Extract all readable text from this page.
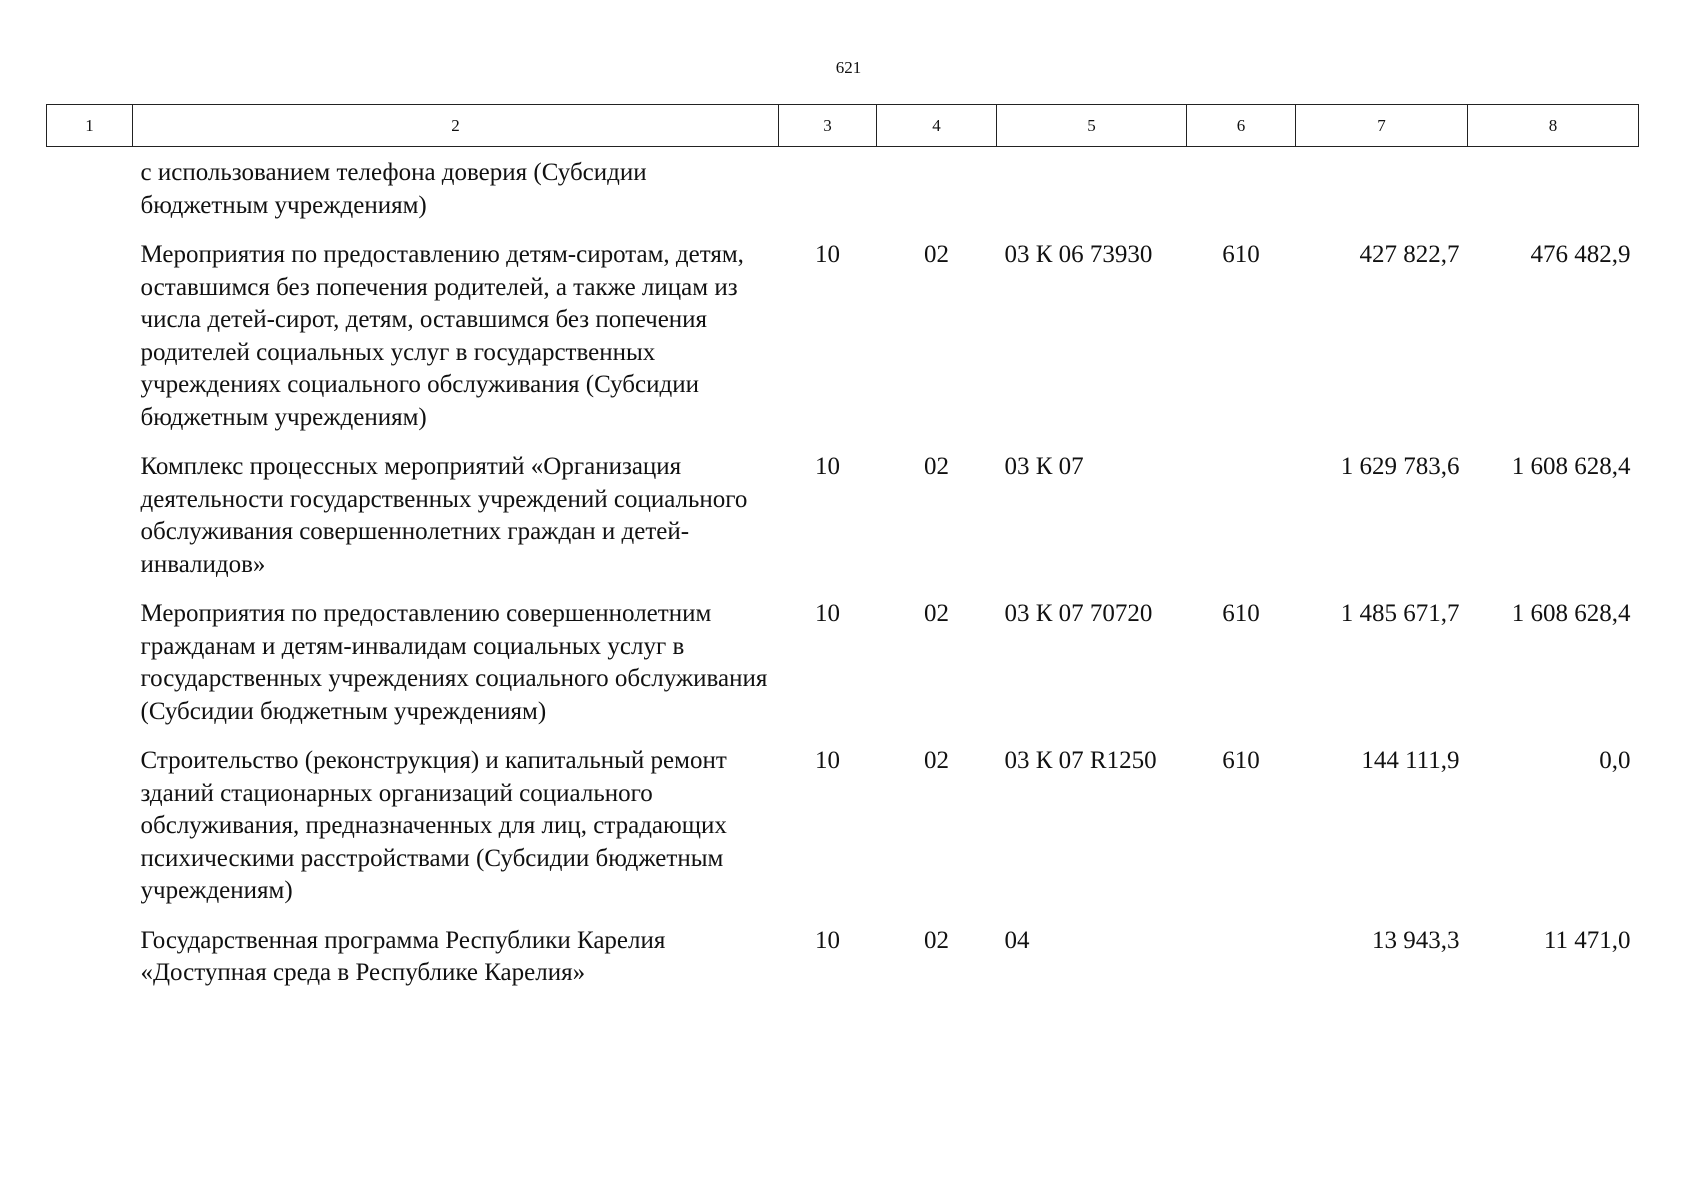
621
1	2	3	4	5	6	7	8
	с использованием телефона доверия (Субсидии бюджетным учреждениям)						
	Мероприятия по предоставлению детям-сиротам, детям, оставшимся без попечения родителей, а также лицам из числа детей-сирот, детям, оставшимся без попечения родителей социальных услуг в государственных учреждениях социального обслуживания (Субсидии бюджетным учреждениям)	10	02	03 К 06 73930	610	427 822,7	476 482,9
	Комплекс процессных мероприятий «Организация деятельности государственных учреждений социального обслуживания совершеннолетних граждан и детей-инвалидов»	10	02	03 К 07		1 629 783,6	1 608 628,4
	Мероприятия по предоставлению совершеннолетним гражданам и детям-инвалидам социальных услуг в государственных учреждениях социального обслуживания (Субсидии бюджетным учреждениям)	10	02	03 К 07 70720	610	1 485 671,7	1 608 628,4
	Строительство (реконструкция) и капитальный ремонт зданий стационарных организаций социального обслуживания, предназначенных для лиц, страдающих психическими расстройствами (Субсидии бюджетным учреждениям)	10	02	03 К 07 R1250	610	144 111,9	0,0
	Государственная программа Республики Карелия «Доступная среда в Республике Карелия»	10	02	04		13 943,3	11 471,0
